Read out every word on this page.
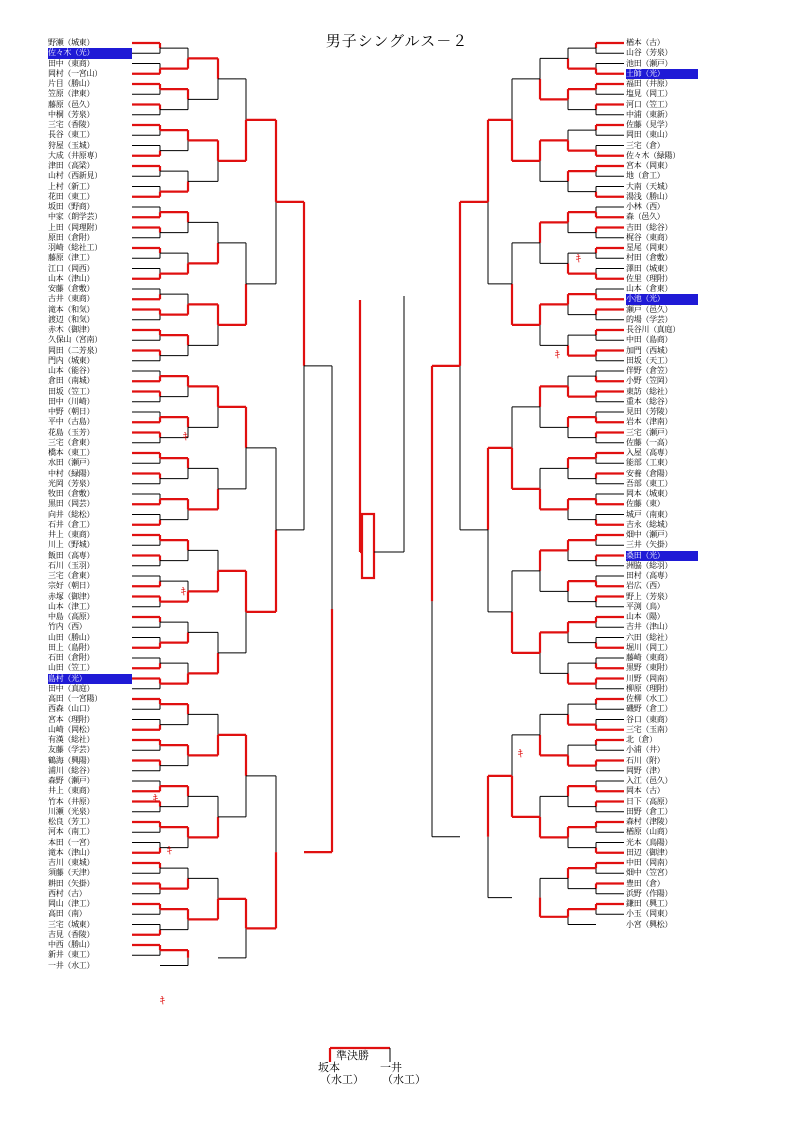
男子シングルス－２
野瀬（城東）
佐々木（光）
田中（東商）
岡村（一宮山）
片目（勝山）
笠原（津東）
藤原（邑久）
中桐（芳泉）
三宅（香陵）
長谷（東工）
狩屋（玉城）
大成（井原専）
津田（高梁）
山村（西新見）
上村（新工）
花田（東工）
坂田（野商）
中家（朗学芸）
上田（岡理附）
原田（倉附）
羽崎（総社工）
藤原（津工）
江口（岡西）
山本（津山）
安藤（倉敷）
古井（東商）
滝本（和気）
渡辺（和気）
赤木（御津）
久保山（宮南）
岡田（二芳泉）
門内（城東）
山本（能谷）
倉田（南城）
田坂（笠工）
田中（川崎）
中野（朝日）
平中（古島）
花島（玉芳）
三宅（倉東）
橋本（東工）
水田（瀬戸）
中村（緑陽）
光岡（芳泉）
牧田（倉敷）
黒田（岡芸）
向井（総松）
石井（倉工）
井上（東商）
川上（野城）
飯田（高専）
石川（玉羽）
三宅（倉東）
宗好（朝日）
赤塚（御津）
山本（津工）
中島（高原）
竹内（西）
山田（勝山）
田上（島附）
石田（倉附）
山田（笠工）
島村（光）
田中（真庭）
高田（一宮陽）
西森（山口）
宮本（理附）
山崎（岡松）
有漢（総社）
友藤（学芸）
鶴海（興陽）
浦川（総谷）
森野（瀬戸）
井上（東商）
竹本（井原）
川瀬（光泉）
松良（芳工）
河本（南工）
本田（一宮）
滝本（津山）
吉川（東城）
須藤（天津）
耕田（矢掛）
西村（古）
岡山（津工）
高田（南）
三宅（城東）
吉見（香陵）
中西（勝山）
新井（東工）
一井（水工）
楢本（古）
山谷（芳泉）
池田（瀬戸）
土師（光）
福田（井原）
塩見（岡工）
河口（笠工）
中浦（東新）
佐藤（見学）
岡田（東山）
三宅（倉）
佐々木（緑陽）
宮本（岡東）
地（倉工）
大南（天城）
湯浅（勝山）
小林（西）
森（邑久）
吉田（総谷）
梶谷（東商）
星尾（岡東）
村田（倉敷）
澤田（城東）
佐里（理附）
山本（倉東）
小池（光）
瀬戸（邑久）
的場（学芸）
長谷川（真庭）
中田（島商）
加門（西城）
田坂（天工）
伴野（倉笠）
小野（笠岡）
東訪（総社）
重本（総谷）
見田（芳陵）
岩本（津南）
三宅（瀬戸）
佐藤（一高）
入屋（高専）
能部（工東）
安養（倉陽）
吾部（東工）
岡本（城東）
佐藤（東）
城戸（南東）
吉永（総城）
畑中（瀬戸）
三井（矢掛）
桑田（光）
洲脇（総羽）
田村（高専）
岩広（西）
野上（芳泉）
平渕（鳥）
山本（陽）
吉井（津山）
六田（総社）
堀川（岡工）
藤崎（東商）
黒野（東附）
川野（岡南）
柳原（理附）
佐柳（水工）
磯野（倉工）
谷口（東商）
三宅（玉南）
北（倉）
小浦（井）
石川（附）
岡野（津）
入江（邑久）
岡本（古）
日下（高原）
田野（倉工）
森村（津陵）
楢原（山商）
光本（鳥陽）
田辺（御津）
中田（岡南）
畑中（笠宮）
豊田（倉）
浜野（作陽）
鎌田（興工）
小玉（岡東）
小宮（興松）
ｷ
ｷ
ｷ
ｷ
ｷ
ｷ
ｷ
ｷ
準決勝
坂本
（水工）
一井
（水工）
